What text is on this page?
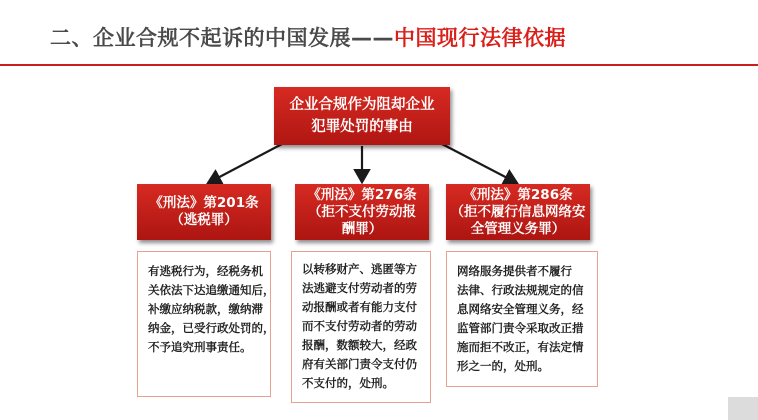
二、企业合规不起诉的中国发展——中国现行法律依据
企业合规作为阻却企业
犯罪处罚的事由
《刑法》第201条
（逃税罪）
《刑法》第276条
（拒不支付劳动报
酬罪）
《刑法》第286条
（拒不履行信息网络安
全管理义务罪）
有逃税行为，经税务机
关依法下达追缴通知后，
补缴应纳税款，缴纳滞
纳金，已受行政处罚的，
不予追究刑事责任。
以转移财产、逃匿等方
法逃避支付劳动者的劳
动报酬或者有能力支付
而不支付劳动者的劳动
报酬，数额较大，经政
府有关部门责令支付仍
不支付的，处刑。
网络服务提供者不履行
法律、行政法规规定的信
息网络安全管理义务，经
监管部门责令采取改正措
施而拒不改正，有法定情
形之一的，处刑。
